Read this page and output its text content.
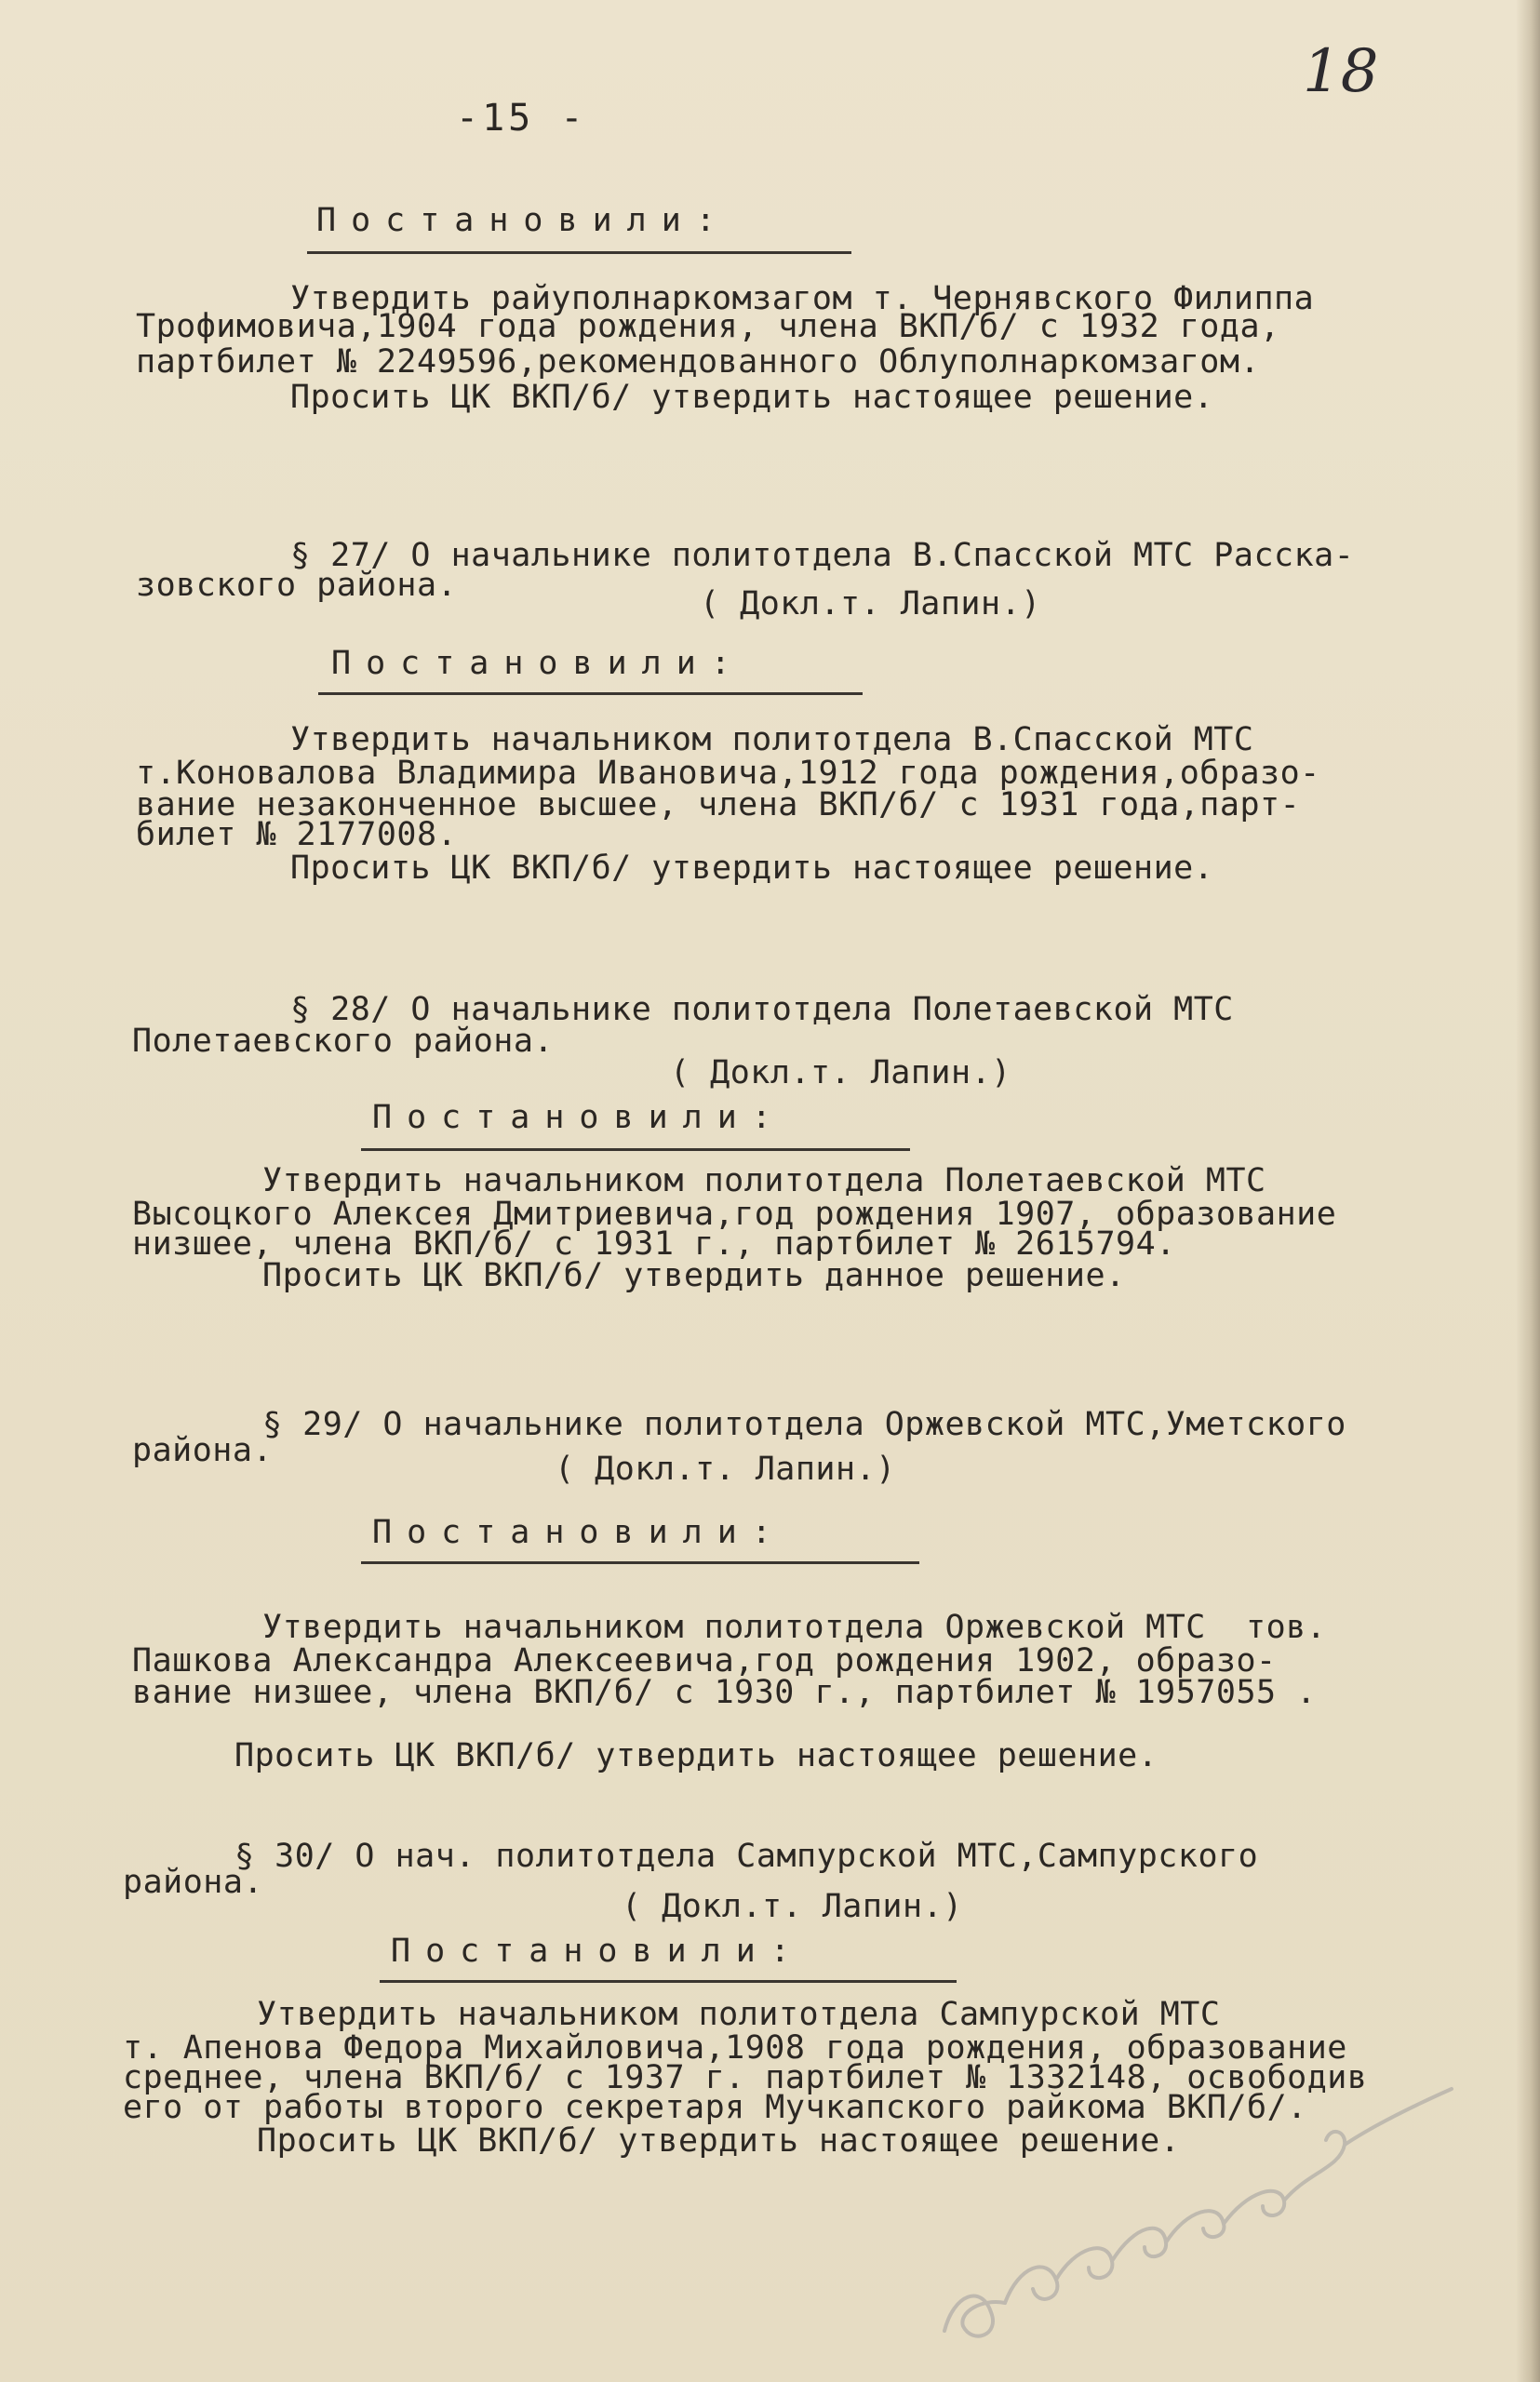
-15 -

18

Постановили:

Утвердить райуполнаркомзагом т. Чернявского Филиппа

Трофимовича,1904 года рождения, члена ВКП/б/ с 1932 года,

партбилет № 2249596,рекомендованного Облуполнаркомзагом.

Просить ЦК ВКП/б/ утвердить настоящее решение.

§ 27/ О начальнике политотдела В.Спасской МТС Расска-

зовского района.	( Докл.т. Лапин.)

Постановили:

Утвердить начальником политотдела В.Спасской МТС

т.Коновалова Владимира Ивановича,1912 года рождения,образо-

вание незаконченное высшее, члена ВКП/б/ с 1931 года,парт-

билет № 2177008.

Просить ЦК ВКП/б/ утвердить настоящее решение.

§ 28/ О начальнике политотдела Полетаевской МТС

Полетаевского района.

( Докл.т. Лапин.)

Постановили:

Утвердить начальником политотдела Полетаевской МТС

Высоцкого Алексея Дмитриевича,год рождения 1907, образование

низшее, члена ВКП/б/ с 1931 г., партбилет № 2615794.

Просить ЦК ВКП/б/ утвердить данное решение.

§ 29/ О начальнике политотдела Оржевской МТС,Уметского

района.	( Докл.т. Лапин.)

Постановили:

Утвердить начальником политотдела Оржевской МТС  тов.

Пашкова Александра Алексеевича,год рождения 1902, образо-

вание низшее, члена ВКП/б/ с 1930 г., партбилет № 1957055 .

Просить ЦК ВКП/б/ утвердить настоящее решение.

§ 30/ О нач. политотдела Сампурской МТС,Сампурского

района.

( Докл.т. Лапин.)

Постановили:

Утвердить начальником политотдела Сампурской МТС

т. Апенова Федора Михайловича,1908 года рождения, образование

среднее, члена ВКП/б/ с 1937 г. партбилет № 1332148, освободив

его от работы второго секретаря Мучкапского райкома ВКП/б/.

Просить ЦК ВКП/б/ утвердить настоящее решение.
